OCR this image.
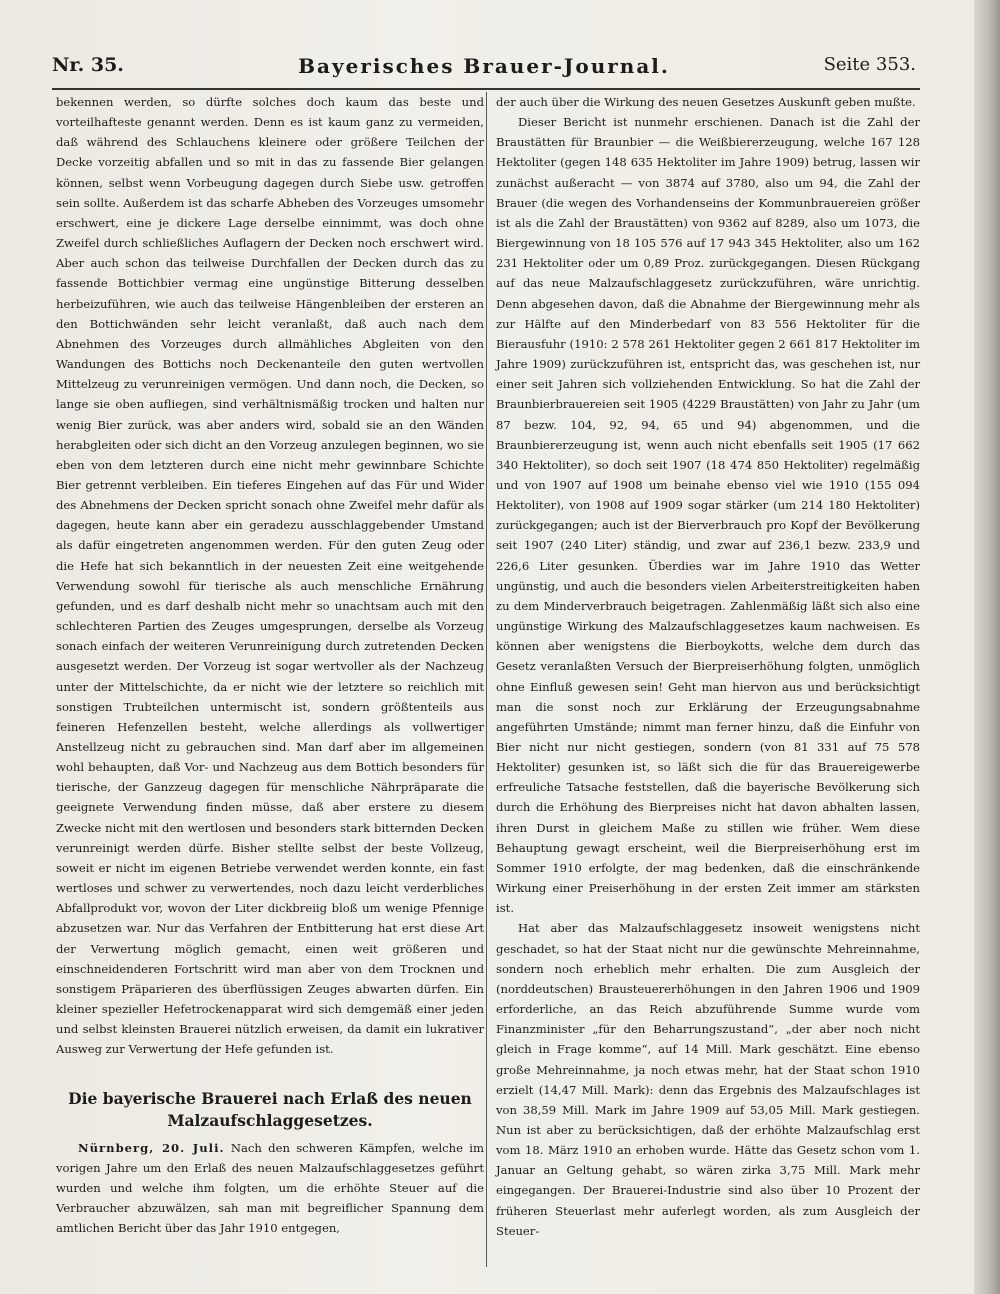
Nr. 35.	Bayerisches Brauer-Journal.	Seite 353.

bekennen werden, so dürfte solches doch kaum das beste und vorteilhafteste genannt werden. Denn es ist kaum ganz zu vermeiden, daß während des Schlauchens kleinere oder größere Teilchen der Decke vorzeitig abfallen und so mit in das zu fassende Bier gelangen können, selbst wenn Vorbeugung dagegen durch Siebe usw. getroffen sein sollte. Außerdem ist das scharfe Abheben des Vorzeuges umsomehr erschwert, eine je dickere Lage derselbe einnimmt, was doch ohne Zweifel durch schließliches Auflagern der Decken noch erschwert wird. Aber auch schon das teilweise Durchfallen der Decken durch das zu fassende Bottichbier vermag eine ungünstige Bitterung desselben herbeizuführen, wie auch das teilweise Hängenbleiben der ersteren an den Bottichwänden sehr leicht veranlaßt, daß auch nach dem Abnehmen des Vorzeuges durch allmähliches Abgleiten von den Wandungen des Bottichs noch Deckenanteile den guten wertvollen Mittelzeug zu verunreinigen vermögen. Und dann noch, die Decken, so lange sie oben aufliegen, sind verhältnismäßig trocken und halten nur wenig Bier zurück, was aber anders wird, sobald sie an den Wänden herabgleiten oder sich dicht an den Vorzeug anzulegen beginnen, wo sie eben von dem letzteren durch eine nicht mehr gewinnbare Schichte Bier getrennt verbleiben. Ein tieferes Eingehen auf das Für und Wider des Abnehmens der Decken spricht sonach ohne Zweifel mehr dafür als dagegen, heute kann aber ein geradezu ausschlaggebender Umstand als dafür eingetreten angenommen werden. Für den guten Zeug oder die Hefe hat sich bekanntlich in der neuesten Zeit eine weitgehende Verwendung sowohl für tierische als auch menschliche Ernährung gefunden, und es darf deshalb nicht mehr so unachtsam auch mit den schlechteren Partien des Zeuges umgesprungen, derselbe als Vorzeug sonach einfach der weiteren Verunreinigung durch zutretenden Decken ausgesetzt werden. Der Vorzeug ist sogar wertvoller als der Nachzeug unter der Mittelschichte, da er nicht wie der letztere so reichlich mit sonstigen Trubteilchen untermischt ist, sondern größtenteils aus feineren Hefenzellen besteht, welche allerdings als vollwertiger Anstellzeug nicht zu gebrauchen sind. Man darf aber im allgemeinen wohl behaupten, daß Vor- und Nachzeug aus dem Bottich besonders für tierische, der Ganzzeug dagegen für menschliche Nährpräparate die geeignete Verwendung finden müsse, daß aber erstere zu diesem Zwecke nicht mit den wertlosen und besonders stark bitternden Decken verunreinigt werden dürfe. Bisher stellte selbst der beste Vollzeug, soweit er nicht im eigenen Betriebe verwendet werden konnte, ein fast wertloses und schwer zu verwertendes, noch dazu leicht verderbliches Abfallprodukt vor, wovon der Liter dickbreiig bloß um wenige Pfennige abzusetzen war. Nur das Verfahren der Entbitterung hat erst diese Art der Verwertung möglich gemacht, einen weit größeren und einschneidenderen Fortschritt wird man aber von dem Trocknen und sonstigem Präparieren des überflüssigen Zeuges abwarten dürfen. Ein kleiner spezieller Hefetrockenapparat wird sich demgemäß einer jeden und selbst kleinsten Brauerei nützlich erweisen, da damit ein lukrativer Ausweg zur Verwertung der Hefe gefunden ist.

Die bayerische Brauerei nach Erlaß des neuen Malzaufschlaggesetzes.

Nürnberg, 20. Juli. Nach den schweren Kämpfen, welche im vorigen Jahre um den Erlaß des neuen Malzaufschlaggesetzes geführt wurden und welche ihm folgten, um die erhöhte Steuer auf die Verbraucher abzuwälzen, sah man mit begreiflicher Spannung dem amtlichen Bericht über das Jahr 1910 entgegen,

der auch über die Wirkung des neuen Gesetzes Auskunft geben mußte.

Dieser Bericht ist nunmehr erschienen. Danach ist die Zahl der Braustätten für Braunbier — die Weißbiererzeugung, welche 167 128 Hektoliter (gegen 148 635 Hektoliter im Jahre 1909) betrug, lassen wir zunächst außeracht — von 3874 auf 3780, also um 94, die Zahl der Brauer (die wegen des Vorhandenseins der Kommunbrauereien größer ist als die Zahl der Braustätten) von 9362 auf 8289, also um 1073, die Biergewinnung von 18 105 576 auf 17 943 345 Hektoliter, also um 162 231 Hektoliter oder um 0,89 Proz. zurückgegangen. Diesen Rückgang auf das neue Malzaufschlaggesetz zurückzuführen, wäre unrichtig. Denn abgesehen davon, daß die Abnahme der Biergewinnung mehr als zur Hälfte auf den Minderbedarf von 83 556 Hektoliter für die Bierausfuhr (1910: 2 578 261 Hektoliter gegen 2 661 817 Hektoliter im Jahre 1909) zurückzuführen ist, entspricht das, was geschehen ist, nur einer seit Jahren sich vollziehenden Entwicklung. So hat die Zahl der Braunbierbrauereien seit 1905 (4229 Braustätten) von Jahr zu Jahr (um 87 bezw. 104, 92, 94, 65 und 94) abgenommen, und die Braunbiererzeugung ist, wenn auch nicht ebenfalls seit 1905 (17 662 340 Hektoliter), so doch seit 1907 (18 474 850 Hektoliter) regelmäßig und von 1907 auf 1908 um beinahe ebenso viel wie 1910 (155 094 Hektoliter), von 1908 auf 1909 sogar stärker (um 214 180 Hektoliter) zurückgegangen; auch ist der Bierverbrauch pro Kopf der Bevölkerung seit 1907 (240 Liter) ständig, und zwar auf 236,1 bezw. 233,9 und 226,6 Liter gesunken. Überdies war im Jahre 1910 das Wetter ungünstig, und auch die besonders vielen Arbeiterstreitigkeiten haben zu dem Minderverbrauch beigetragen. Zahlenmäßig läßt sich also eine ungünstige Wirkung des Malzaufschlaggesetzes kaum nachweisen. Es können aber wenigstens die Bierboykotts, welche dem durch das Gesetz veranlaßten Versuch der Bierpreiserhöhung folgten, unmöglich ohne Einfluß gewesen sein! Geht man hiervon aus und berücksichtigt man die sonst noch zur Erklärung der Erzeugungsabnahme angeführten Umstände; nimmt man ferner hinzu, daß die Einfuhr von Bier nicht nur nicht gestiegen, sondern (von 81 331 auf 75 578 Hektoliter) gesunken ist, so läßt sich die für das Brauereigewerbe erfreuliche Tatsache feststellen, daß die bayerische Bevölkerung sich durch die Erhöhung des Bierpreises nicht hat davon abhalten lassen, ihren Durst in gleichem Maße zu stillen wie früher. Wem diese Behauptung gewagt erscheint, weil die Bierpreiserhöhung erst im Sommer 1910 erfolgte, der mag bedenken, daß die einschränkende Wirkung einer Preiserhöhung in der ersten Zeit immer am stärksten ist.

Hat aber das Malzaufschlaggesetz insoweit wenigstens nicht geschadet, so hat der Staat nicht nur die gewünschte Mehreinnahme, sondern noch erheblich mehr erhalten. Die zum Ausgleich der (norddeutschen) Brausteuererhöhungen in den Jahren 1906 und 1909 erforderliche, an das Reich abzuführende Summe wurde vom Finanzminister „für den Beharrungszustand“, „der aber noch nicht gleich in Frage komme“, auf 14 Mill. Mark geschätzt. Eine ebenso große Mehreinnahme, ja noch etwas mehr, hat der Staat schon 1910 erzielt (14,47 Mill. Mark): denn das Ergebnis des Malzaufschlages ist von 38,59 Mill. Mark im Jahre 1909 auf 53,05 Mill. Mark gestiegen. Nun ist aber zu berücksichtigen, daß der erhöhte Malzaufschlag erst vom 18. März 1910 an erhoben wurde. Hätte das Gesetz schon vom 1. Januar an Geltung gehabt, so wären zirka 3,75 Mill. Mark mehr eingegangen. Der Brauerei-Industrie sind also über 10 Prozent der früheren Steuerlast mehr auferlegt worden, als zum Ausgleich der Steuer-
